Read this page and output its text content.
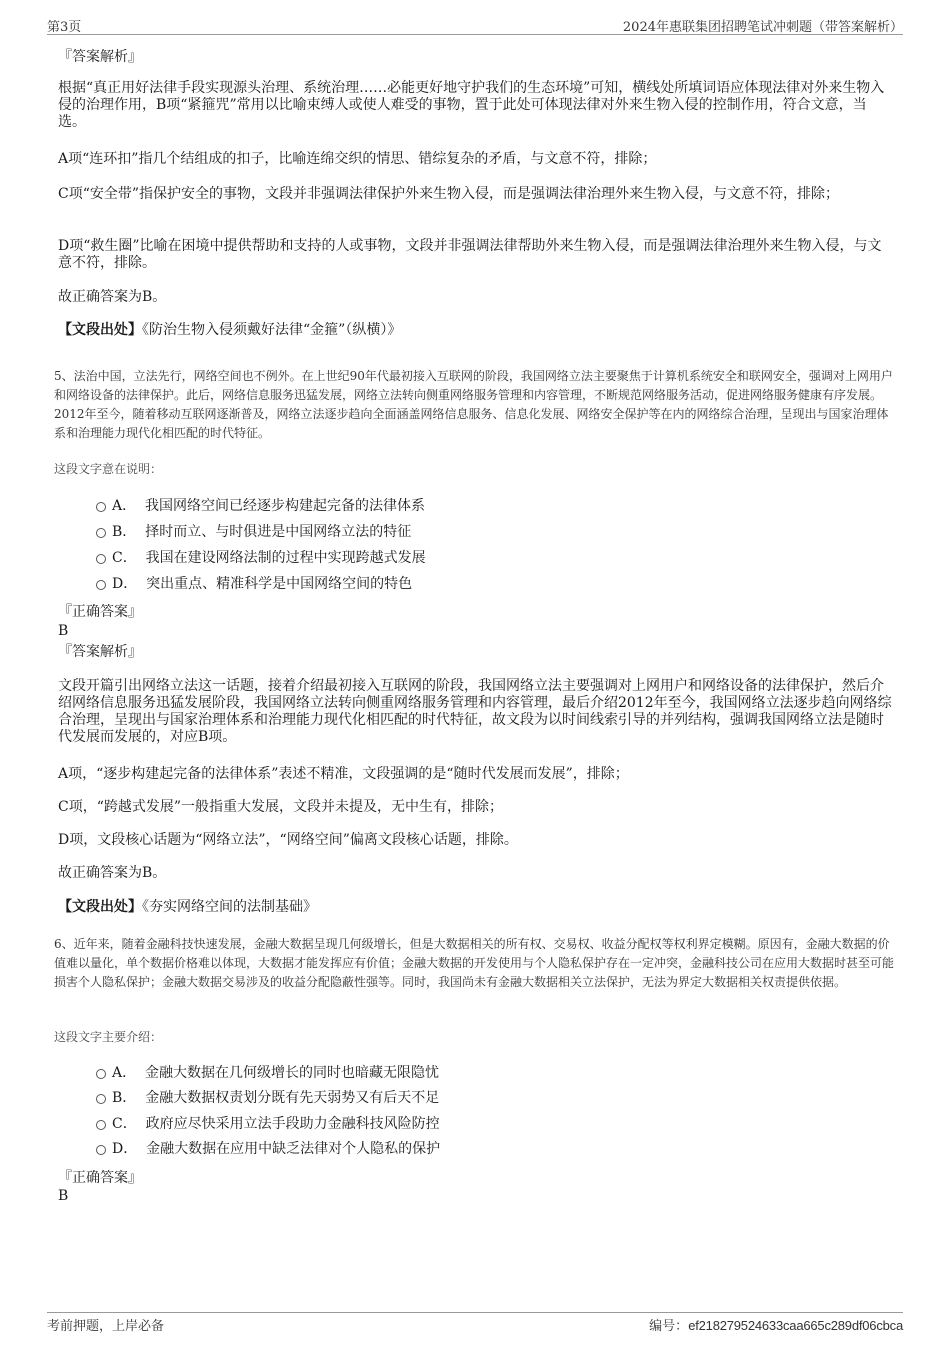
第3页	2024年惠联集团招聘笔试冲刺题（带答案解析）

『答案解析』

根据“真正用好法律手段实现源头治理、系统治理……必能更好地守护我们的生态环境”可知，横线处所填词语应体现法律对外来生物入侵的治理作用，B项“紧箍咒”常用以比喻束缚人或使人难受的事物，置于此处可体现法律对外来生物入侵的控制作用，符合文意，当选。

A项“连环扣”指几个结组成的扣子，比喻连绵交织的情思、错综复杂的矛盾，与文意不符，排除；

C项“安全带”指保护安全的事物，文段并非强调法律保护外来生物入侵，而是强调法律治理外来生物入侵，与文意不符，排除；

D项“救生圈”比喻在困境中提供帮助和支持的人或事物，文段并非强调法律帮助外来生物入侵，而是强调法律治理外来生物入侵，与文意不符，排除。

故正确答案为B。

【文段出处】《防治生物入侵须戴好法律“金箍”（纵横）》

5、法治中国，立法先行，网络空间也不例外。在上世纪90年代最初接入互联网的阶段，我国网络立法主要聚焦于计算机系统安全和联网安全，强调对上网用户和网络设备的法律保护。此后，网络信息服务迅猛发展，网络立法转向侧重网络服务管理和内容管理，不断规范网络服务活动，促进网络服务健康有序发展。2012年至今，随着移动互联网逐渐普及，网络立法逐步趋向全面涵盖网络信息服务、信息化发展、网络安全保护等在内的网络综合治理，呈现出与国家治理体系和治理能力现代化相匹配的时代特征。

这段文字意在说明：

A． 我国网络空间已经逐步构建起完备的法律体系
B． 择时而立、与时俱进是中国网络立法的特征
C． 我国在建设网络法制的过程中实现跨越式发展
D． 突出重点、精准科学是中国网络空间的特色

『正确答案』

B

『答案解析』

文段开篇引出网络立法这一话题，接着介绍最初接入互联网的阶段，我国网络立法主要强调对上网用户和网络设备的法律保护，然后介绍网络信息服务迅猛发展阶段，我国网络立法转向侧重网络服务管理和内容管理，最后介绍2012年至今，我国网络立法逐步趋向网络综合治理，呈现出与国家治理体系和治理能力现代化相匹配的时代特征，故文段为以时间线索引导的并列结构，强调我国网络立法是随时代发展而发展的，对应B项。

A项，“逐步构建起完备的法律体系”表述不精准，文段强调的是“随时代发展而发展”，排除；

C项，“跨越式发展”一般指重大发展，文段并未提及，无中生有，排除；

D项，文段核心话题为“网络立法”，“网络空间”偏离文段核心话题，排除。

故正确答案为B。

【文段出处】《夯实网络空间的法制基础》

6、近年来，随着金融科技快速发展，金融大数据呈现几何级增长，但是大数据相关的所有权、交易权、收益分配权等权利界定模糊。原因有，金融大数据的价值难以量化，单个数据价格难以体现，大数据才能发挥应有价值；金融大数据的开发使用与个人隐私保护存在一定冲突，金融科技公司在应用大数据时甚至可能损害个人隐私保护；金融大数据交易涉及的收益分配隐蔽性强等。同时，我国尚未有金融大数据相关立法保护，无法为界定大数据相关权责提供依据。

这段文字主要介绍：

A． 金融大数据在几何级增长的同时也暗藏无限隐忧
B． 金融大数据权责划分既有先天弱势又有后天不足
C． 政府应尽快采用立法手段助力金融科技风险防控
D． 金融大数据在应用中缺乏法律对个人隐私的保护

『正确答案』

B

考前押题，上岸必备	编号：ef218279524633caa665c289df06cbca
